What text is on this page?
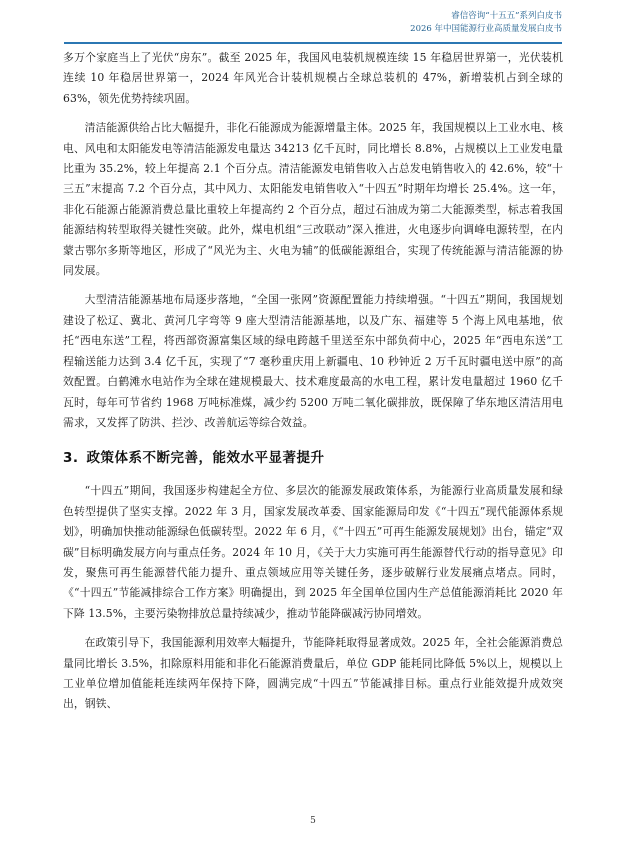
睿信咨询“十五五”系列白皮书
2026 年中国能源行业高质量发展白皮书

多万个家庭当上了光伏“房东”。截至 2025 年，我国风电装机规模连续 15 年稳居世界第一，光伏装机连续 10 年稳居世界第一，2024 年风光合计装机规模占全球总装机的 47%，新增装机占到全球的 63%，领先优势持续巩固。

清洁能源供给占比大幅提升，非化石能源成为能源增量主体。2025 年，我国规模以上工业水电、核电、风电和太阳能发电等清洁能源发电量达 34213 亿千瓦时，同比增长 8.8%，占规模以上工业发电量比重为 35.2%，较上年提高 2.1 个百分点。清洁能源发电销售收入占总发电销售收入的 42.6%，较“十三五”末提高 7.2 个百分点，其中风力、太阳能发电销售收入“十四五”时期年均增长 25.4%。这一年，非化石能源占能源消费总量比重较上年提高约 2 个百分点，超过石油成为第二大能源类型，标志着我国能源结构转型取得关键性突破。此外，煤电机组“三改联动”深入推进，火电逐步向调峰电源转型，在内蒙古鄂尔多斯等地区，形成了“风光为主、火电为辅”的低碳能源组合，实现了传统能源与清洁能源的协同发展。

大型清洁能源基地布局逐步落地，“全国一张网”资源配置能力持续增强。“十四五”期间，我国规划建设了松辽、冀北、黄河几字弯等 9 座大型清洁能源基地，以及广东、福建等 5 个海上风电基地，依托“西电东送”工程，将西部资源富集区域的绿电跨越千里送至东中部负荷中心，2025 年“西电东送”工程输送能力达到 3.4 亿千瓦，实现了“7 毫秒重庆用上新疆电、10 秒钟近 2 万千瓦时疆电送中原”的高效配置。白鹤滩水电站作为全球在建规模最大、技术难度最高的水电工程，累计发电量超过 1960 亿千瓦时，每年可节省约 1968 万吨标准煤，减少约 5200 万吨二氧化碳排放，既保障了华东地区清洁用电需求，又发挥了防洪、拦沙、改善航运等综合效益。

3. 政策体系不断完善，能效水平显著提升

“十四五”期间，我国逐步构建起全方位、多层次的能源发展政策体系，为能源行业高质量发展和绿色转型提供了坚实支撑。2022 年 3 月，国家发展改革委、国家能源局印发《“十四五”现代能源体系规划》，明确加快推动能源绿色低碳转型。2022 年 6 月，《“十四五”可再生能源发展规划》出台，锚定“双碳”目标明确发展方向与重点任务。2024 年 10 月，《关于大力实施可再生能源替代行动的指导意见》印发，聚焦可再生能源替代能力提升、重点领域应用等关键任务，逐步破解行业发展痛点堵点。同时，《“十四五”节能减排综合工作方案》明确提出，到 2025 年全国单位国内生产总值能源消耗比 2020 年下降 13.5%，主要污染物排放总量持续减少，推动节能降碳减污协同增效。

在政策引导下，我国能源利用效率大幅提升，节能降耗取得显著成效。2025 年，全社会能源消费总量同比增长 3.5%，扣除原料用能和非化石能源消费量后，单位 GDP 能耗同比降低 5%以上，规模以上工业单位增加值能耗连续两年保持下降，圆满完成“十四五”节能减排目标。重点行业能效提升成效突出，钢铁、

5
